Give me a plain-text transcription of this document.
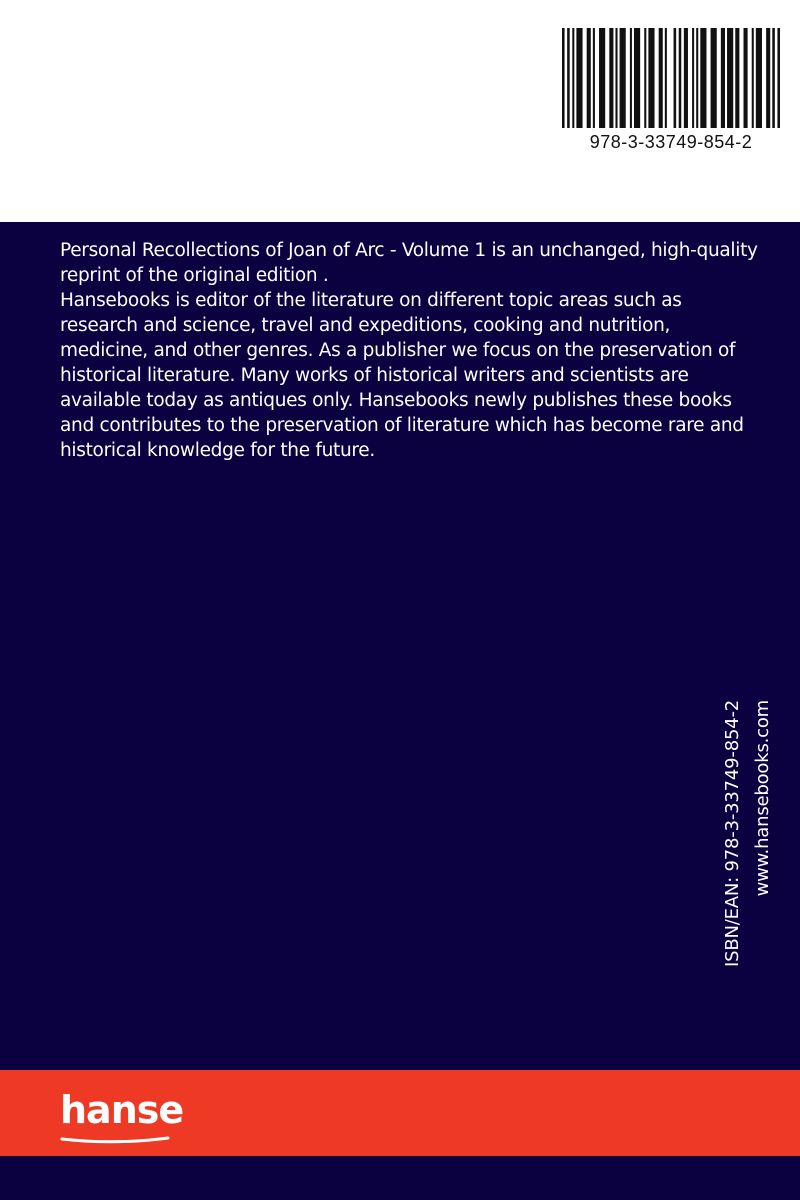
978-3-33749-854-2

Personal Recollections of Joan of Arc - Volume 1 is an unchanged, high-quality reprint of the original edition .

Hansebooks is editor of the literature on different topic areas such as research and science, travel and expeditions, cooking and nutrition, medicine, and other genres. As a publisher we focus on the preservation of historical literature. Many works of historical writers and scientists are available today as antiques only. Hansebooks newly publishes these books and contributes to the preservation of literature which has become rare and historical knowledge for the future.

ISBN/EAN: 978-3-33749-854-2 www.hansebooks.com
hanse
